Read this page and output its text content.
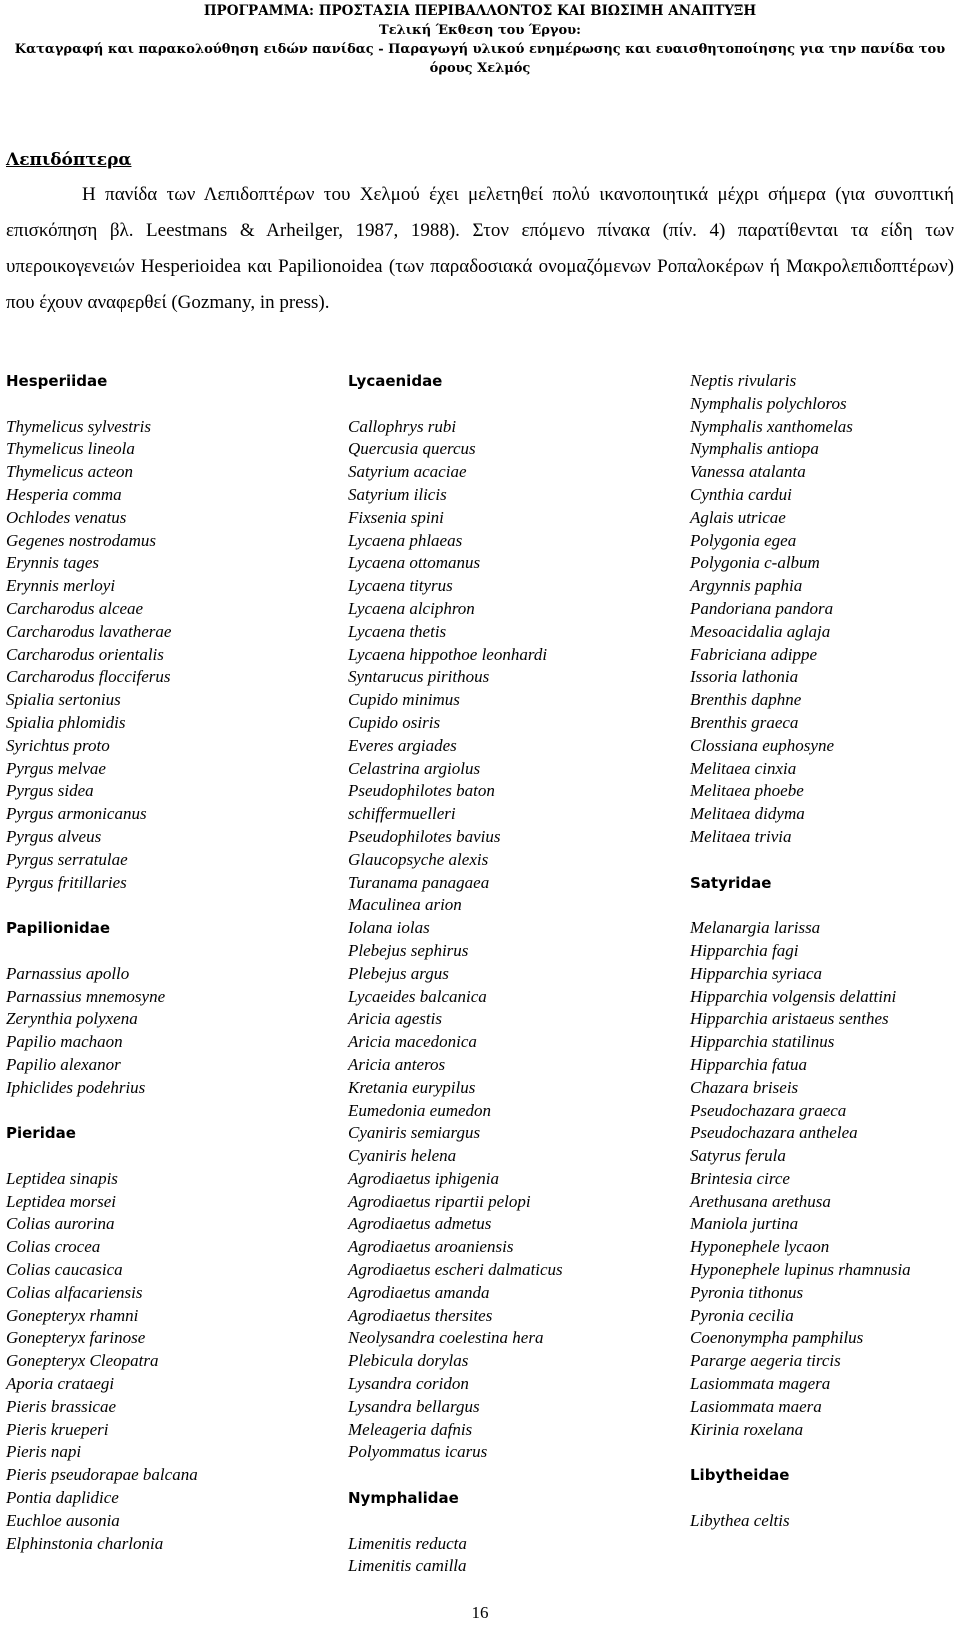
ΠΡΟΓΡΑΜΜΑ: ΠΡΟΣΤΑΣΙΑ ΠΕΡΙΒΑΛΛΟΝΤΟΣ ΚΑΙ ΒΙΩΣΙΜΗ ΑΝΑΠΤΥΞΗ
Τελική Έκθεση του Έργου:
Καταγραφή και παρακολούθηση ειδών πανίδας - Παραγωγή υλικού ενημέρωσης και ευαισθητοποίησης για την πανίδα του
όρους Χελμός
Λεπιδόπτερα

Η πανίδα των Λεπιδοπτέρων του Χελμού έχει μελετηθεί πολύ ικανοποιητικά μέχρι σήμερα (για συνοπτική επισκόπηση βλ. Leestmans & Arheilger, 1987, 1988). Στον επόμενο πίνακα (πίν. 4) παρατίθενται τα είδη των υπεροικογενειών Hesperioidea και Papilionoidea (των παραδοσιακά ονομαζόμενων Ροπαλοκέρων ή Μακρολεπιδοπτέρων) που έχουν αναφερθεί (Gozmany, in press).

Hesperiidae
Thymelicus sylvestris
Thymelicus lineola
Thymelicus acteon
Hesperia comma
Ochlodes venatus
Gegenes nostrodamus
Erynnis tages
Erynnis merloyi
Carcharodus alceae
Carcharodus lavatherae
Carcharodus orientalis
Carcharodus flocciferus
Spialia sertonius
Spialia phlomidis
Syrichtus proto
Pyrgus melvae
Pyrgus sidea
Pyrgus armonicanus
Pyrgus alveus
Pyrgus serratulae
Pyrgus fritillaries
Papilionidae
Parnassius apollo
Parnassius mnemosyne
Zerynthia polyxena
Papilio machaon
Papilio alexanor
Iphiclides podehrius
Pieridae
Leptidea sinapis
Leptidea morsei
Colias aurorina
Colias crocea
Colias caucasica
Colias alfacariensis
Gonepteryx rhamni
Gonepteryx farinose
Gonepteryx Cleopatra
Aporia crataegi
Pieris brassicae
Pieris krueperi
Pieris napi
Pieris pseudorapae balcana
Pontia daplidice
Euchloe ausonia
Elphinstonia charlonia
Lycaenidae
Callophrys rubi
Quercusia quercus
Satyrium acaciae
Satyrium ilicis
Fixsenia spini
Lycaena phlaeas
Lycaena ottomanus
Lycaena tityrus
Lycaena alciphron
Lycaena thetis
Lycaena hippothoe leonhardi
Syntarucus pirithous
Cupido minimus
Cupido osiris
Everes argiades
Celastrina argiolus
Pseudophilotes baton
schiffermuelleri
Pseudophilotes bavius
Glaucopsyche alexis
Turanama panagaea
Maculinea arion
Iolana iolas
Plebejus sephirus
Plebejus argus
Lycaeides balcanica
Aricia agestis
Aricia macedonica
Aricia anteros
Kretania eurypilus
Eumedonia eumedon
Cyaniris semiargus
Cyaniris helena
Agrodiaetus iphigenia
Agrodiaetus ripartii pelopi
Agrodiaetus admetus
Agrodiaetus aroaniensis
Agrodiaetus escheri dalmaticus
Agrodiaetus amanda
Agrodiaetus thersites
Neolysandra coelestina hera
Plebicula dorylas
Lysandra coridon
Lysandra bellargus
Meleageria dafnis
Polyommatus icarus
Nymphalidae
Limenitis reducta
Limenitis camilla
Neptis rivularis
Nymphalis polychloros
Nymphalis xanthomelas
Nymphalis antiopa
Vanessa atalanta
Cynthia cardui
Aglais utricae
Polygonia egea
Polygonia c-album
Argynnis paphia
Pandoriana pandora
Mesoacidalia aglaja
Fabriciana adippe
Issoria lathonia
Brenthis daphne
Brenthis graeca
Clossiana euphosyne
Melitaea cinxia
Melitaea phoebe
Melitaea didyma
Melitaea trivia
Satyridae
Melanargia larissa
Hipparchia fagi
Hipparchia syriaca
Hipparchia volgensis delattini
Hipparchia aristaeus senthes
Hipparchia statilinus
Hipparchia fatua
Chazara briseis
Pseudochazara graeca
Pseudochazara anthelea
Satyrus ferula
Brintesia circe
Arethusana arethusa
Maniola jurtina
Hyponephele lycaon
Hyponephele lupinus rhamnusia
Pyronia tithonus
Pyronia cecilia
Coenonympha pamphilus
Pararge aegeria tircis
Lasiommata magera
Lasiommata maera
Kirinia roxelana
Libytheidae
Libythea celtis
16
